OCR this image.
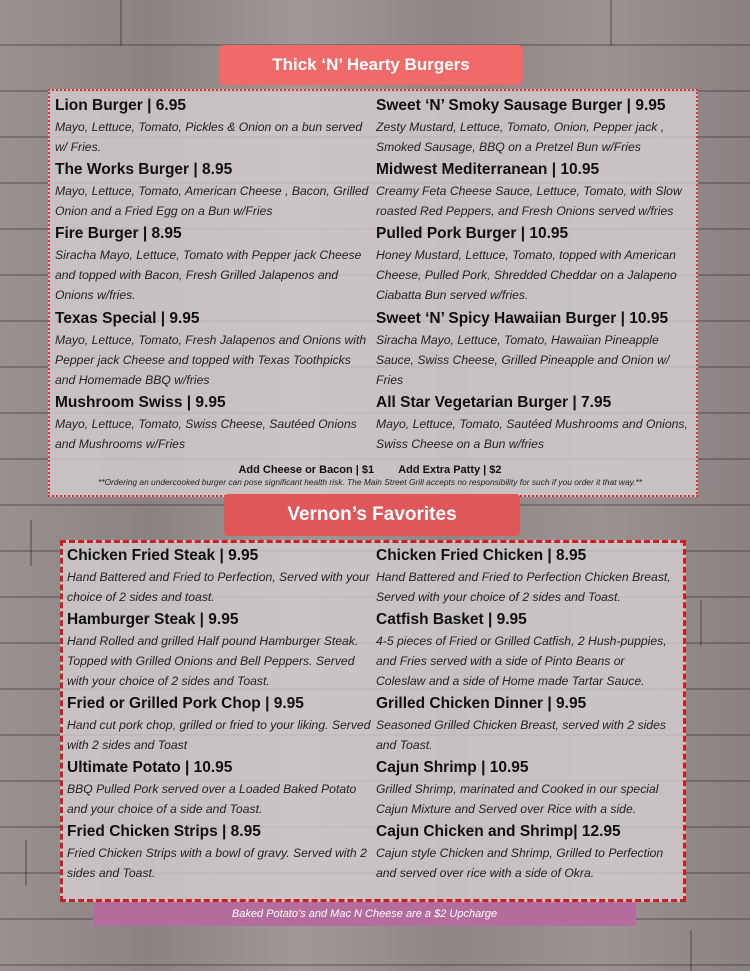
Thick ‘N’ Hearty Burgers
Lion Burger | 6.95
Mayo, Lettuce, Tomato, Pickles & Onion on a bun served w/ Fries.
The Works Burger | 8.95
Mayo, Lettuce, Tomato, American Cheese , Bacon, Grilled Onion and a Fried Egg on a Bun w/Fries
Fire Burger | 8.95
Siracha Mayo, Lettuce, Tomato with Pepper jack Cheese and topped with Bacon, Fresh Grilled Jalapenos and Onions w/fries.
Texas Special | 9.95
Mayo, Lettuce, Tomato, Fresh Jalapenos and Onions with Pepper jack Cheese and topped with Texas Toothpicks and Homemade BBQ w/fries
Mushroom Swiss | 9.95
Mayo, Lettuce, Tomato, Swiss Cheese, Sautéed Onions and Mushrooms w/Fries
Sweet ‘N’ Smoky Sausage Burger | 9.95
Zesty Mustard, Lettuce, Tomato, Onion, Pepper jack , Smoked Sausage, BBQ on a Pretzel Bun w/Fries
Midwest Mediterranean | 10.95
Creamy Feta Cheese Sauce, Lettuce, Tomato, with Slow roasted Red Peppers, and Fresh Onions served w/fries
Pulled Pork Burger | 10.95
Honey Mustard, Lettuce, Tomato, topped with American Cheese, Pulled Pork, Shredded Cheddar on a Jalapeno Ciabatta Bun served w/fries.
Sweet ‘N’ Spicy Hawaiian Burger | 10.95
Siracha Mayo, Lettuce, Tomato, Hawaiian Pineapple Sauce, Swiss Cheese, Grilled Pineapple and Onion w/ Fries
All Star Vegetarian Burger | 7.95
Mayo, Lettuce, Tomato, Sautéed Mushrooms and Onions, Swiss Cheese on a Bun w/fries
Add Cheese or Bacon | $1        Add Extra Patty | $2
**Ordering an undercooked burger can pose significant health risk. The Main Street Grill accepts no responsibility for such if you order it that way.**
Vernon’s Favorites
Chicken Fried Steak | 9.95
Hand Battered and Fried to Perfection, Served with your choice of 2 sides and toast.
Hamburger Steak | 9.95
Hand Rolled and grilled Half pound Hamburger Steak. Topped with Grilled Onions and Bell Peppers. Served with your choice of 2 sides and Toast.
Fried or Grilled Pork Chop | 9.95
Hand cut pork chop, grilled or fried to your liking. Served with 2 sides and Toast
Ultimate Potato | 10.95
BBQ Pulled Pork served over a Loaded Baked Potato and your choice of a side and Toast.
Fried Chicken Strips | 8.95
Fried Chicken Strips with a bowl of gravy. Served with 2 sides and Toast.
Chicken Fried Chicken | 8.95
Hand Battered and Fried to Perfection Chicken Breast, Served with your choice of 2 sides and Toast.
Catfish Basket | 9.95
4-5 pieces of Fried or Grilled Catfish, 2 Hush-puppies, and Fries served with a side of Pinto Beans or Coleslaw and a side of Home made Tartar Sauce.
Grilled Chicken Dinner | 9.95
Seasoned Grilled Chicken Breast, served with 2 sides and Toast.
Cajun Shrimp | 10.95
Grilled Shrimp, marinated and Cooked in our special Cajun Mixture and Served over Rice with a side.
Cajun Chicken and Shrimp| 12.95
Cajun style Chicken and Shrimp, Grilled to Perfection and served over rice with a side of Okra.
Baked Potato’s and Mac N Cheese are a $2 Upcharge
